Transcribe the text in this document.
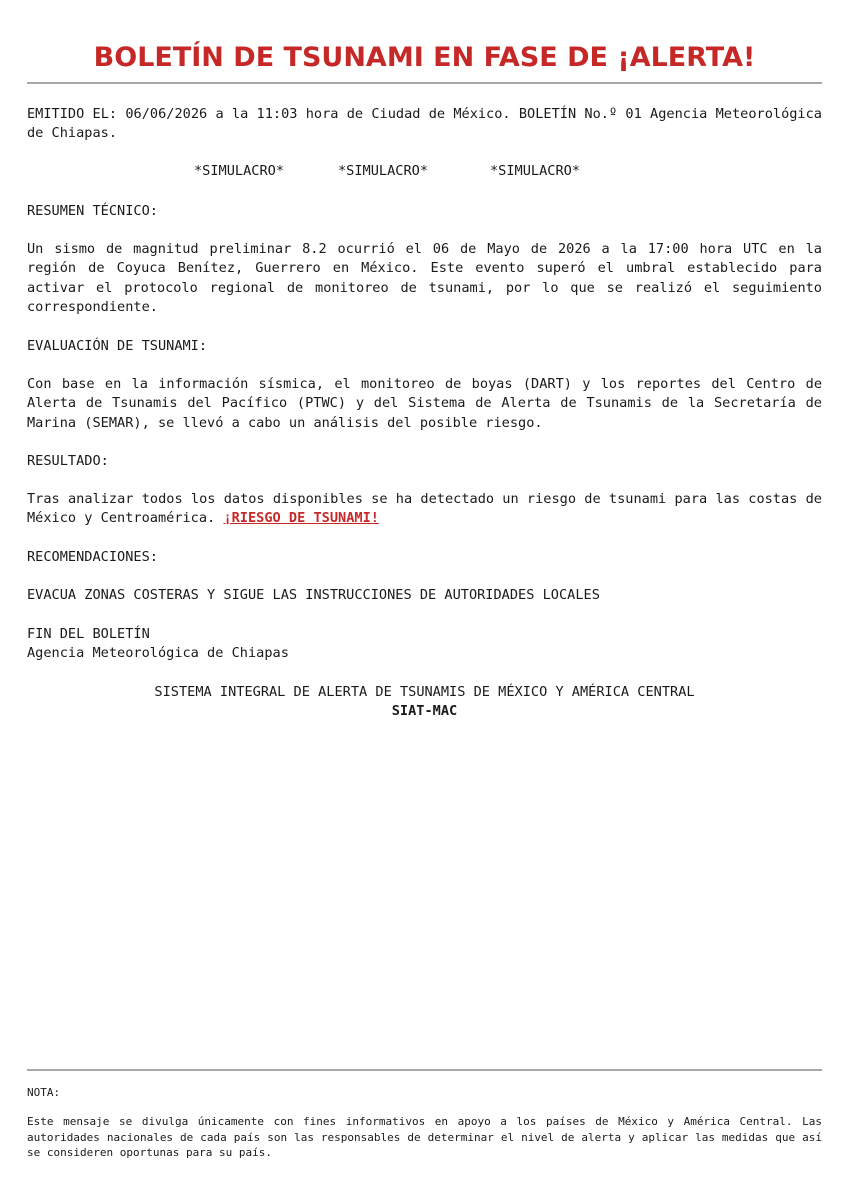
BOLETÍN DE TSUNAMI EN FASE DE ¡ALERTA!

EMITIDO EL: 06/06/2026 a la 11:03 hora de Ciudad de México. BOLETÍN No.º 01 Agencia Meteorológica de Chiapas.

*SIMULACRO*	*SIMULACRO*	*SIMULACRO*

RESUMEN TÉCNICO:

Un sismo de magnitud preliminar 8.2 ocurrió el 06 de Mayo de 2026 a la 17:00 hora UTC en la región de Coyuca Benítez, Guerrero en México. Este evento superó el umbral establecido para activar el protocolo regional de monitoreo de tsunami, por lo que se realizó el seguimiento correspondiente.

EVALUACIÓN DE TSUNAMI:

Con base en la información sísmica, el monitoreo de boyas (DART) y los reportes del Centro de Alerta de Tsunamis del Pacífico (PTWC) y del Sistema de Alerta de Tsunamis de la Secretaría de Marina (SEMAR), se llevó a cabo un análisis del posible riesgo.

RESULTADO:

Tras analizar todos los datos disponibles se ha detectado un riesgo de tsunami para las costas de México y Centroamérica. ¡RIESGO DE TSUNAMI!

RECOMENDACIONES:

EVACUA ZONAS COSTERAS Y SIGUE LAS INSTRUCCIONES DE AUTORIDADES LOCALES

FIN DEL BOLETÍN

Agencia Meteorológica de Chiapas

SISTEMA INTEGRAL DE ALERTA DE TSUNAMIS DE MÉXICO Y AMÉRICA CENTRAL
SIAT-MAC
NOTA:

Este mensaje se divulga únicamente con fines informativos en apoyo a los países de México y América Central. Las autoridades nacionales de cada país son las responsables de determinar el nivel de alerta y aplicar las medidas que así se consideren oportunas para su país.
